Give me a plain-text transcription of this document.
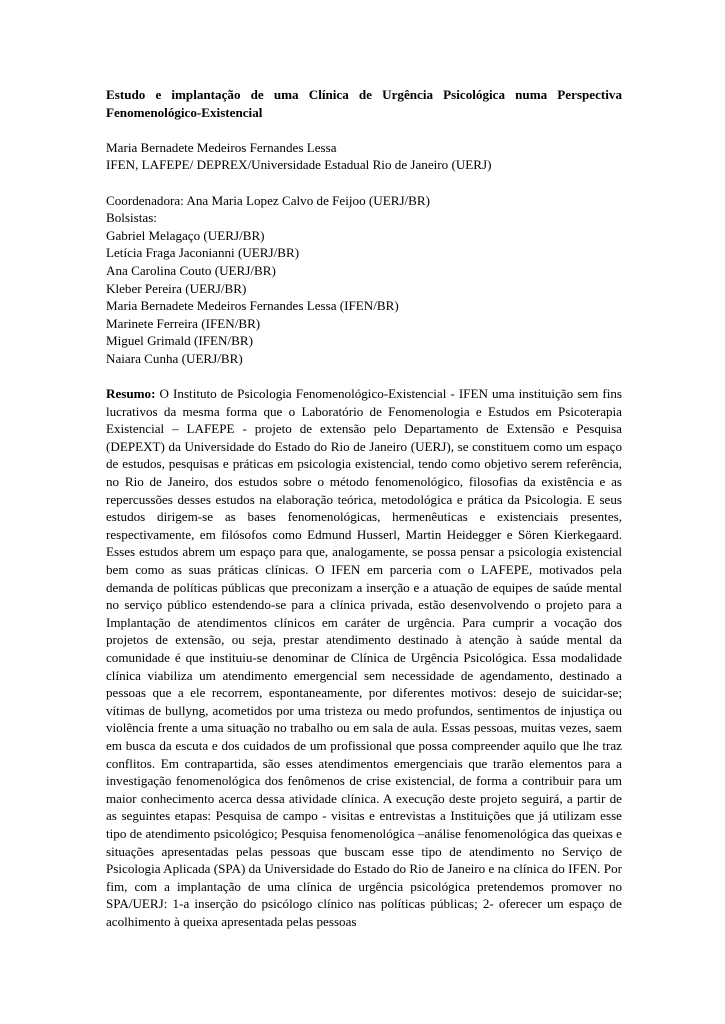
Estudo e implantação de uma Clínica de Urgência Psicológica numa Perspectiva Fenomenológico-Existencial

Maria Bernadete Medeiros Fernandes Lessa
IFEN, LAFEPE/ DEPREX/Universidade Estadual Rio de Janeiro (UERJ)
Coordenadora: Ana Maria Lopez Calvo de Feijoo (UERJ/BR)
Bolsistas:
Gabriel Melagaço (UERJ/BR)
Letícia Fraga Jaconianni (UERJ/BR)
Ana Carolina Couto (UERJ/BR)
Kleber Pereira (UERJ/BR)
Maria Bernadete Medeiros Fernandes Lessa (IFEN/BR)
Marinete Ferreira (IFEN/BR)
Miguel Grimald (IFEN/BR)
Naiara Cunha (UERJ/BR)

Resumo: O Instituto de Psicologia Fenomenológico-Existencial - IFEN uma instituição sem fins lucrativos da mesma forma que o Laboratório de Fenomenologia e Estudos em Psicoterapia Existencial – LAFEPE - projeto de extensão pelo Departamento de Extensão e Pesquisa (DEPEXT) da Universidade do Estado do Rio de Janeiro (UERJ), se constituem como um espaço de estudos, pesquisas e práticas em psicologia existencial, tendo como objetivo serem referência, no Rio de Janeiro, dos estudos sobre o método fenomenológico, filosofias da existência e as repercussões desses estudos na elaboração teórica, metodológica e prática da Psicologia. E seus estudos dirigem-se as bases fenomenológicas, hermenêuticas e existenciais presentes, respectivamente, em filósofos como Edmund Husserl, Martin Heidegger e Sören Kierkegaard. Esses estudos abrem um espaço para que, analogamente, se possa pensar a psicologia existencial bem como as suas práticas clínicas. O IFEN em parceria com o LAFEPE, motivados pela demanda de políticas públicas que preconizam a inserção e a atuação de equipes de saúde mental no serviço público estendendo-se para a clínica privada, estão desenvolvendo o projeto para a Implantação de atendimentos clínicos em caráter de urgência. Para cumprir a vocação dos projetos de extensão, ou seja, prestar atendimento destinado à atenção à saúde mental da comunidade é que instituiu-se denominar de Clínica de Urgência Psicológica. Essa modalidade clínica viabiliza um atendimento emergencial sem necessidade de agendamento, destinado a pessoas que a ele recorrem, espontaneamente, por diferentes motivos: desejo de suicidar-se; vítimas de bullyng, acometidos por uma tristeza ou medo profundos, sentimentos de injustiça ou violência frente a uma situação no trabalho ou em sala de aula. Essas pessoas, muitas vezes, saem em busca da escuta e dos cuidados de um profissional que possa compreender aquilo que lhe traz conflitos. Em contrapartida, são esses atendimentos emergenciais que trarão elementos para a investigação fenomenológica dos fenômenos de crise existencial, de forma a contribuir para um maior conhecimento acerca dessa atividade clínica. A execução deste projeto seguirá, a partir de as seguintes etapas: Pesquisa de campo - visitas e entrevistas a Instituições que já utilizam esse tipo de atendimento psicológico; Pesquisa fenomenológica –análise fenomenológica das queixas e situações apresentadas pelas pessoas que buscam esse tipo de atendimento no Serviço de Psicologia Aplicada (SPA) da Universidade do Estado do Rio de Janeiro e na clínica do IFEN. Por fim, com a implantação de uma clínica de urgência psicológica pretendemos promover no SPA/UERJ: 1-a inserção do psicólogo clínico nas políticas públicas; 2- oferecer um espaço de acolhimento à queixa apresentada pelas pessoas
